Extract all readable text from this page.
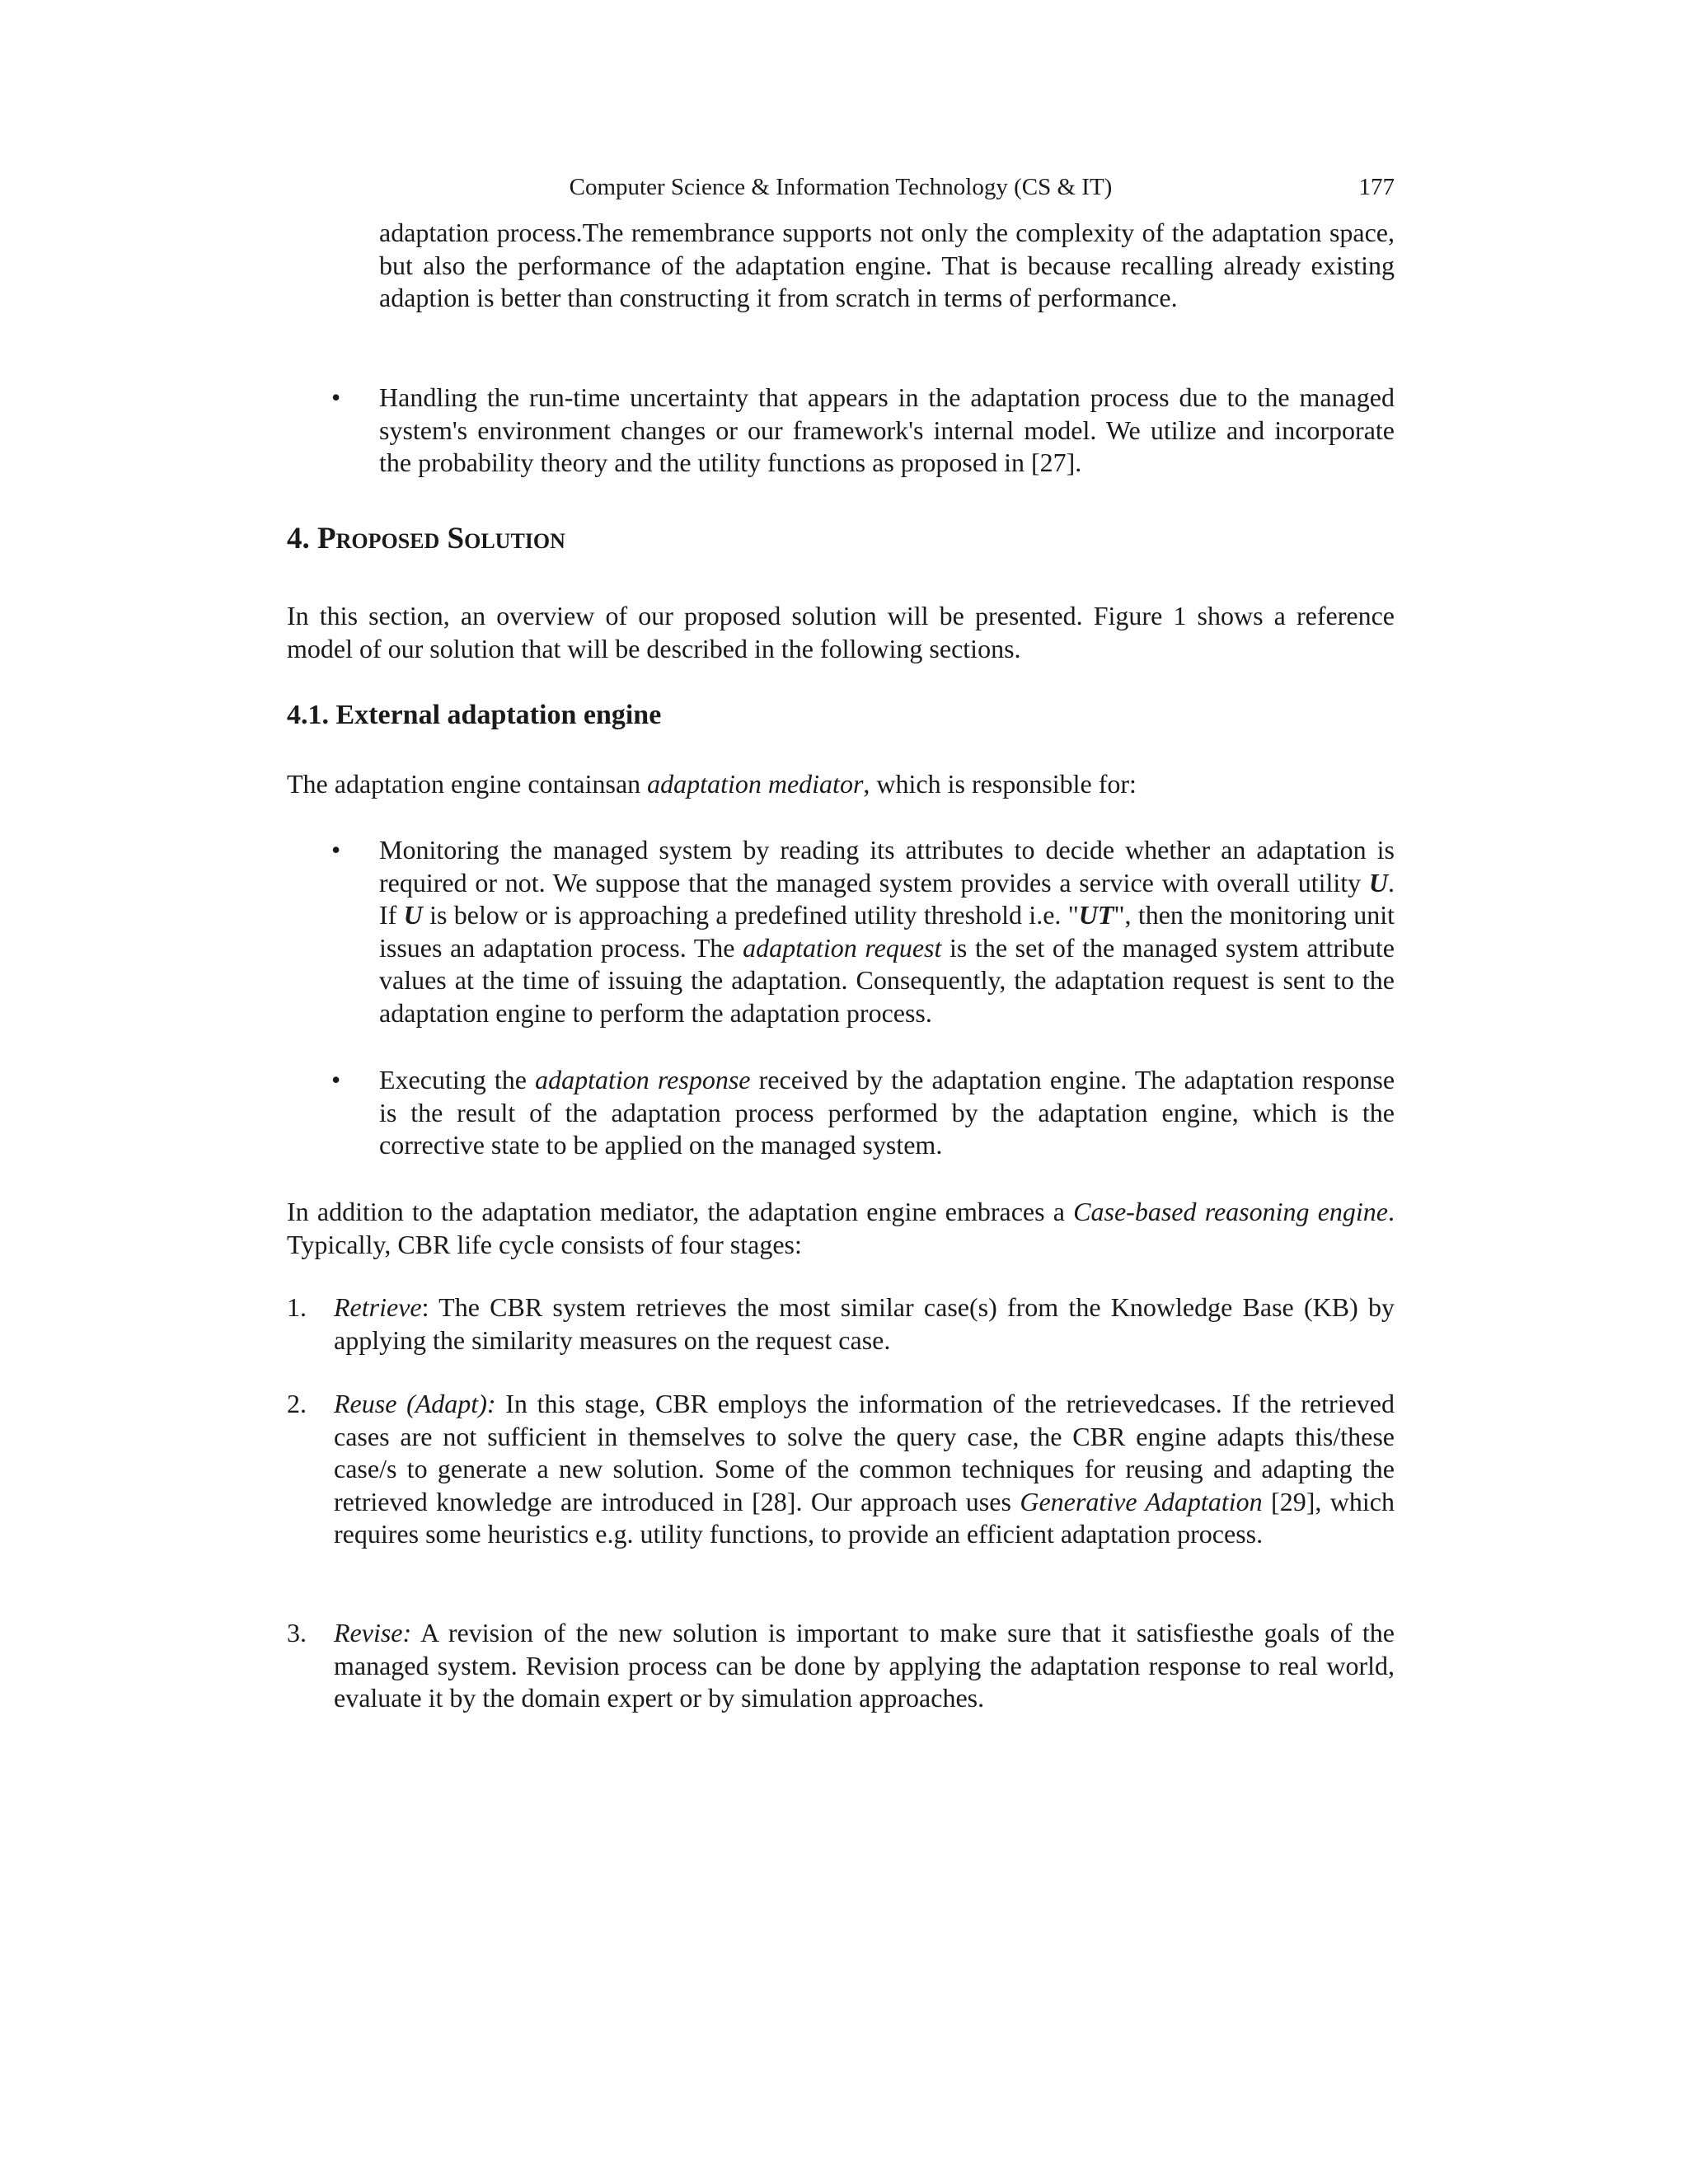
Computer Science & Information Technology (CS & IT)	177

adaptation process.The remembrance supports not only the complexity of the adaptation space, but also the performance of the adaptation engine. That is because recalling already existing adaption is better than constructing it from scratch in terms of performance.

• Handling the run-time uncertainty that appears in the adaptation process due to the managed system's environment changes or our framework's internal model. We utilize and incorporate the probability theory and the utility functions as proposed in [27].

4. Proposed Solution

In this section, an overview of our proposed solution will be presented. Figure 1 shows a reference model of our solution that will be described in the following sections.

4.1. External adaptation engine

The adaptation engine containsan adaptation mediator, which is responsible for:

• Monitoring the managed system by reading its attributes to decide whether an adaptation is required or not. We suppose that the managed system provides a service with overall utility U. If U is below or is approaching a predefined utility threshold i.e. "UT", then the monitoring unit issues an adaptation process. The adaptation request is the set of the managed system attribute values at the time of issuing the adaptation. Consequently, the adaptation request is sent to the adaptation engine to perform the adaptation process.

• Executing the adaptation response received by the adaptation engine. The adaptation response is the result of the adaptation process performed by the adaptation engine, which is the corrective state to be applied on the managed system.

In addition to the adaptation mediator, the adaptation engine embraces a Case-based reasoning engine. Typically, CBR life cycle consists of four stages:

1. Retrieve: The CBR system retrieves the most similar case(s) from the Knowledge Base (KB) by applying the similarity measures on the request case.

2. Reuse (Adapt): In this stage, CBR employs the information of the retrievedcases. If the retrieved cases are not sufficient in themselves to solve the query case, the CBR engine adapts this/these case/s to generate a new solution. Some of the common techniques for reusing and adapting the retrieved knowledge are introduced in [28]. Our approach uses Generative Adaptation [29], which requires some heuristics e.g. utility functions, to provide an efficient adaptation process.

3. Revise: A revision of the new solution is important to make sure that it satisfiesthe goals of the managed system. Revision process can be done by applying the adaptation response to real world, evaluate it by the domain expert or by simulation approaches.
